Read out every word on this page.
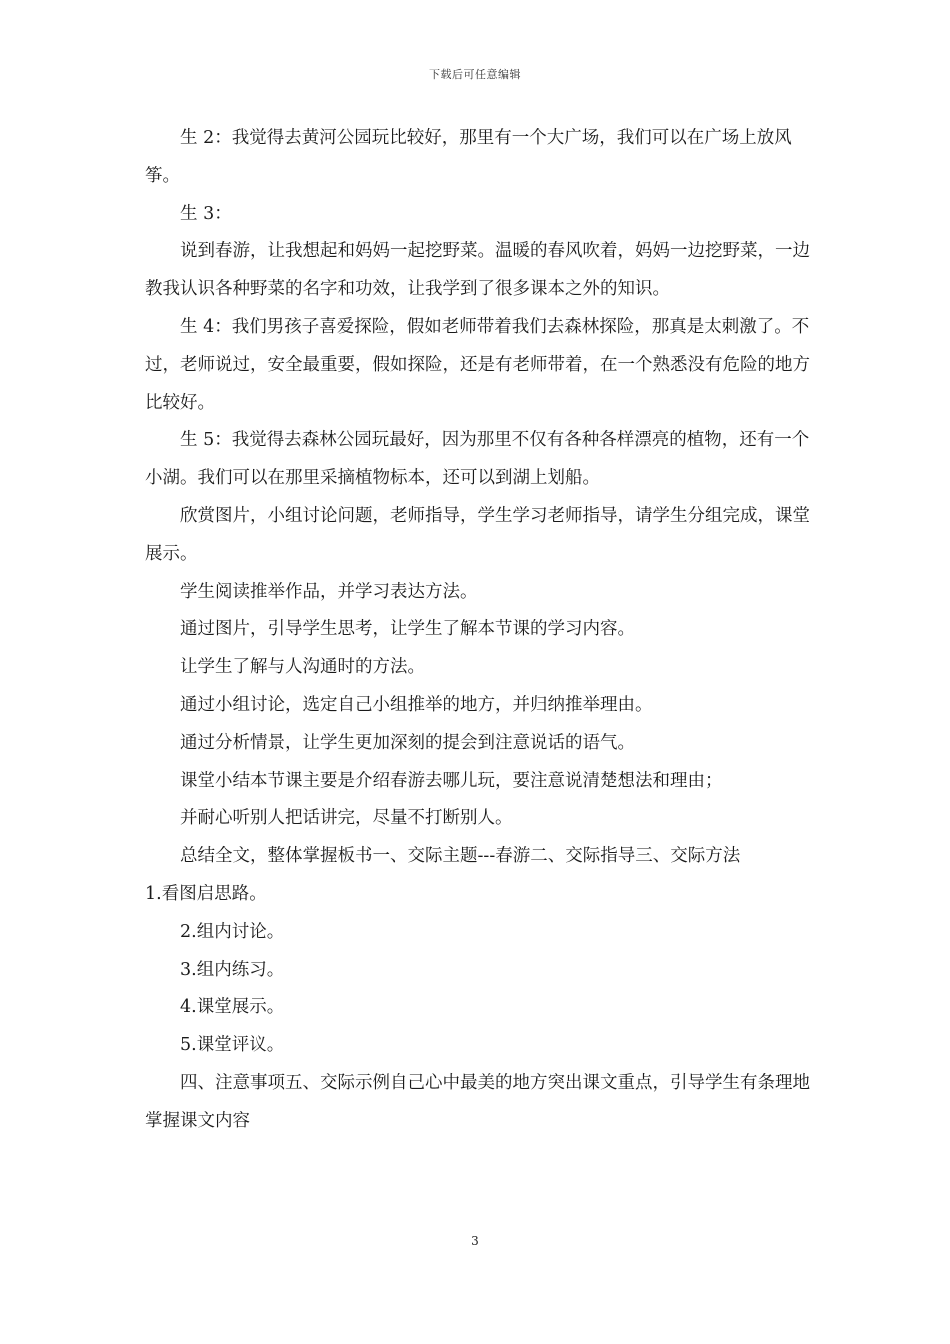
下载后可任意编辑

生 2：我觉得去黄河公园玩比较好，那里有一个大广场，我们可以在广场上放风筝。

生 3：

说到春游，让我想起和妈妈一起挖野菜。温暖的春风吹着，妈妈一边挖野菜，一边教我认识各种野菜的名字和功效，让我学到了很多课本之外的知识。

生 4：我们男孩子喜爱探险，假如老师带着我们去森林探险，那真是太刺激了。不过，老师说过，安全最重要，假如探险，还是有老师带着，在一个熟悉没有危险的地方比较好。

生 5：我觉得去森林公园玩最好，因为那里不仅有各种各样漂亮的植物，还有一个小湖。我们可以在那里采摘植物标本，还可以到湖上划船。

欣赏图片，小组讨论问题，老师指导，学生学习老师指导，请学生分组完成，课堂展示。

学生阅读推举作品，并学习表达方法。

通过图片，引导学生思考，让学生了解本节课的学习内容。

让学生了解与人沟通时的方法。

通过小组讨论，选定自己小组推举的地方，并归纳推举理由。

通过分析情景，让学生更加深刻的提会到注意说话的语气。

课堂小结本节课主要是介绍春游去哪儿玩，要注意说清楚想法和理由；

并耐心听别人把话讲完，尽量不打断别人。

总结全文，整体掌握板书一、交际主题---春游二、交际指导三、交际方法

1.看图启思路。

2.组内讨论。

3.组内练习。

4.课堂展示。

5.课堂评议。

四、注意事项五、交际示例自己心中最美的地方突出课文重点，引导学生有条理地掌握课文内容

3
